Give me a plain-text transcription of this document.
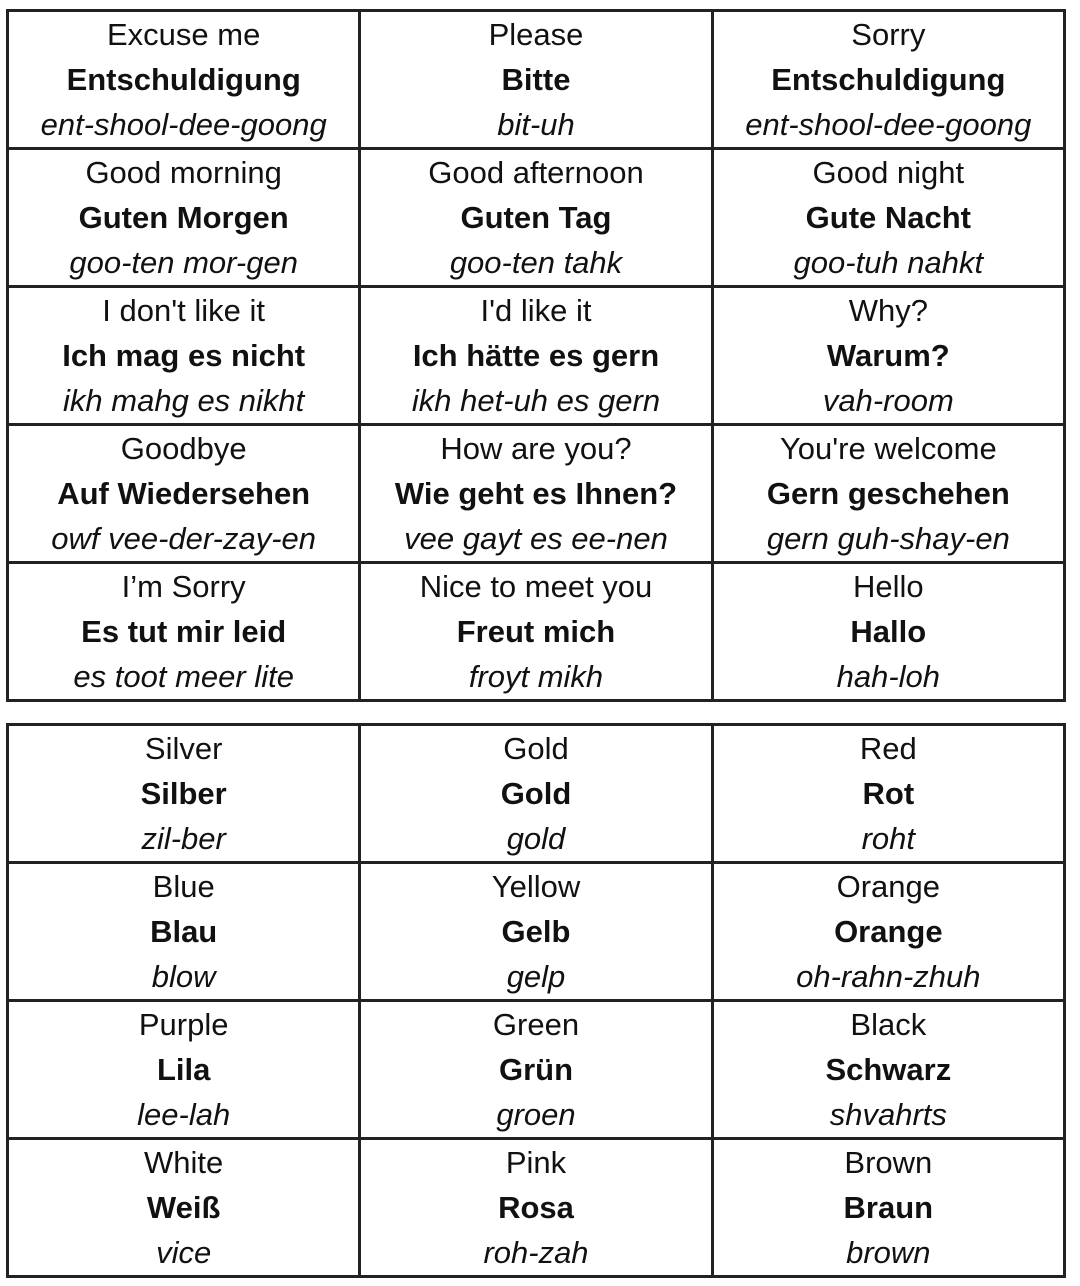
Excuse me
Entschuldigung
ent-shool-dee-goong	Please
Bitte
bit-uh	Sorry
Entschuldigung
ent-shool-dee-goong

Good morning
Guten Morgen
goo-ten mor-gen	Good afternoon
Guten Tag
goo-ten tahk	Good night
Gute Nacht
goo-tuh nahkt

I don't like it
Ich mag es nicht
ikh mahg es nikht	I'd like it
Ich hätte es gern
ikh het-uh es gern	Why?
Warum?
vah-room

Goodbye
Auf Wiedersehen
owf vee-der-zay-en	How are you?
Wie geht es Ihnen?
vee gayt es ee-nen	You're welcome
Gern geschehen
gern guh-shay-en

I’m Sorry
Es tut mir leid
es toot meer lite	Nice to meet you
Freut mich
froyt mikh	Hello
Hallo
hah-loh
Silver
Silber
zil-ber	Gold
Gold
gold	Red
Rot
roht

Blue
Blau
blow	Yellow
Gelb
gelp	Orange
Orange
oh-rahn-zhuh

Purple
Lila
lee-lah	Green
Grün
groen	Black
Schwarz
shvahrts

White
Weiß
vice	Pink
Rosa
roh-zah	Brown
Braun
brown
